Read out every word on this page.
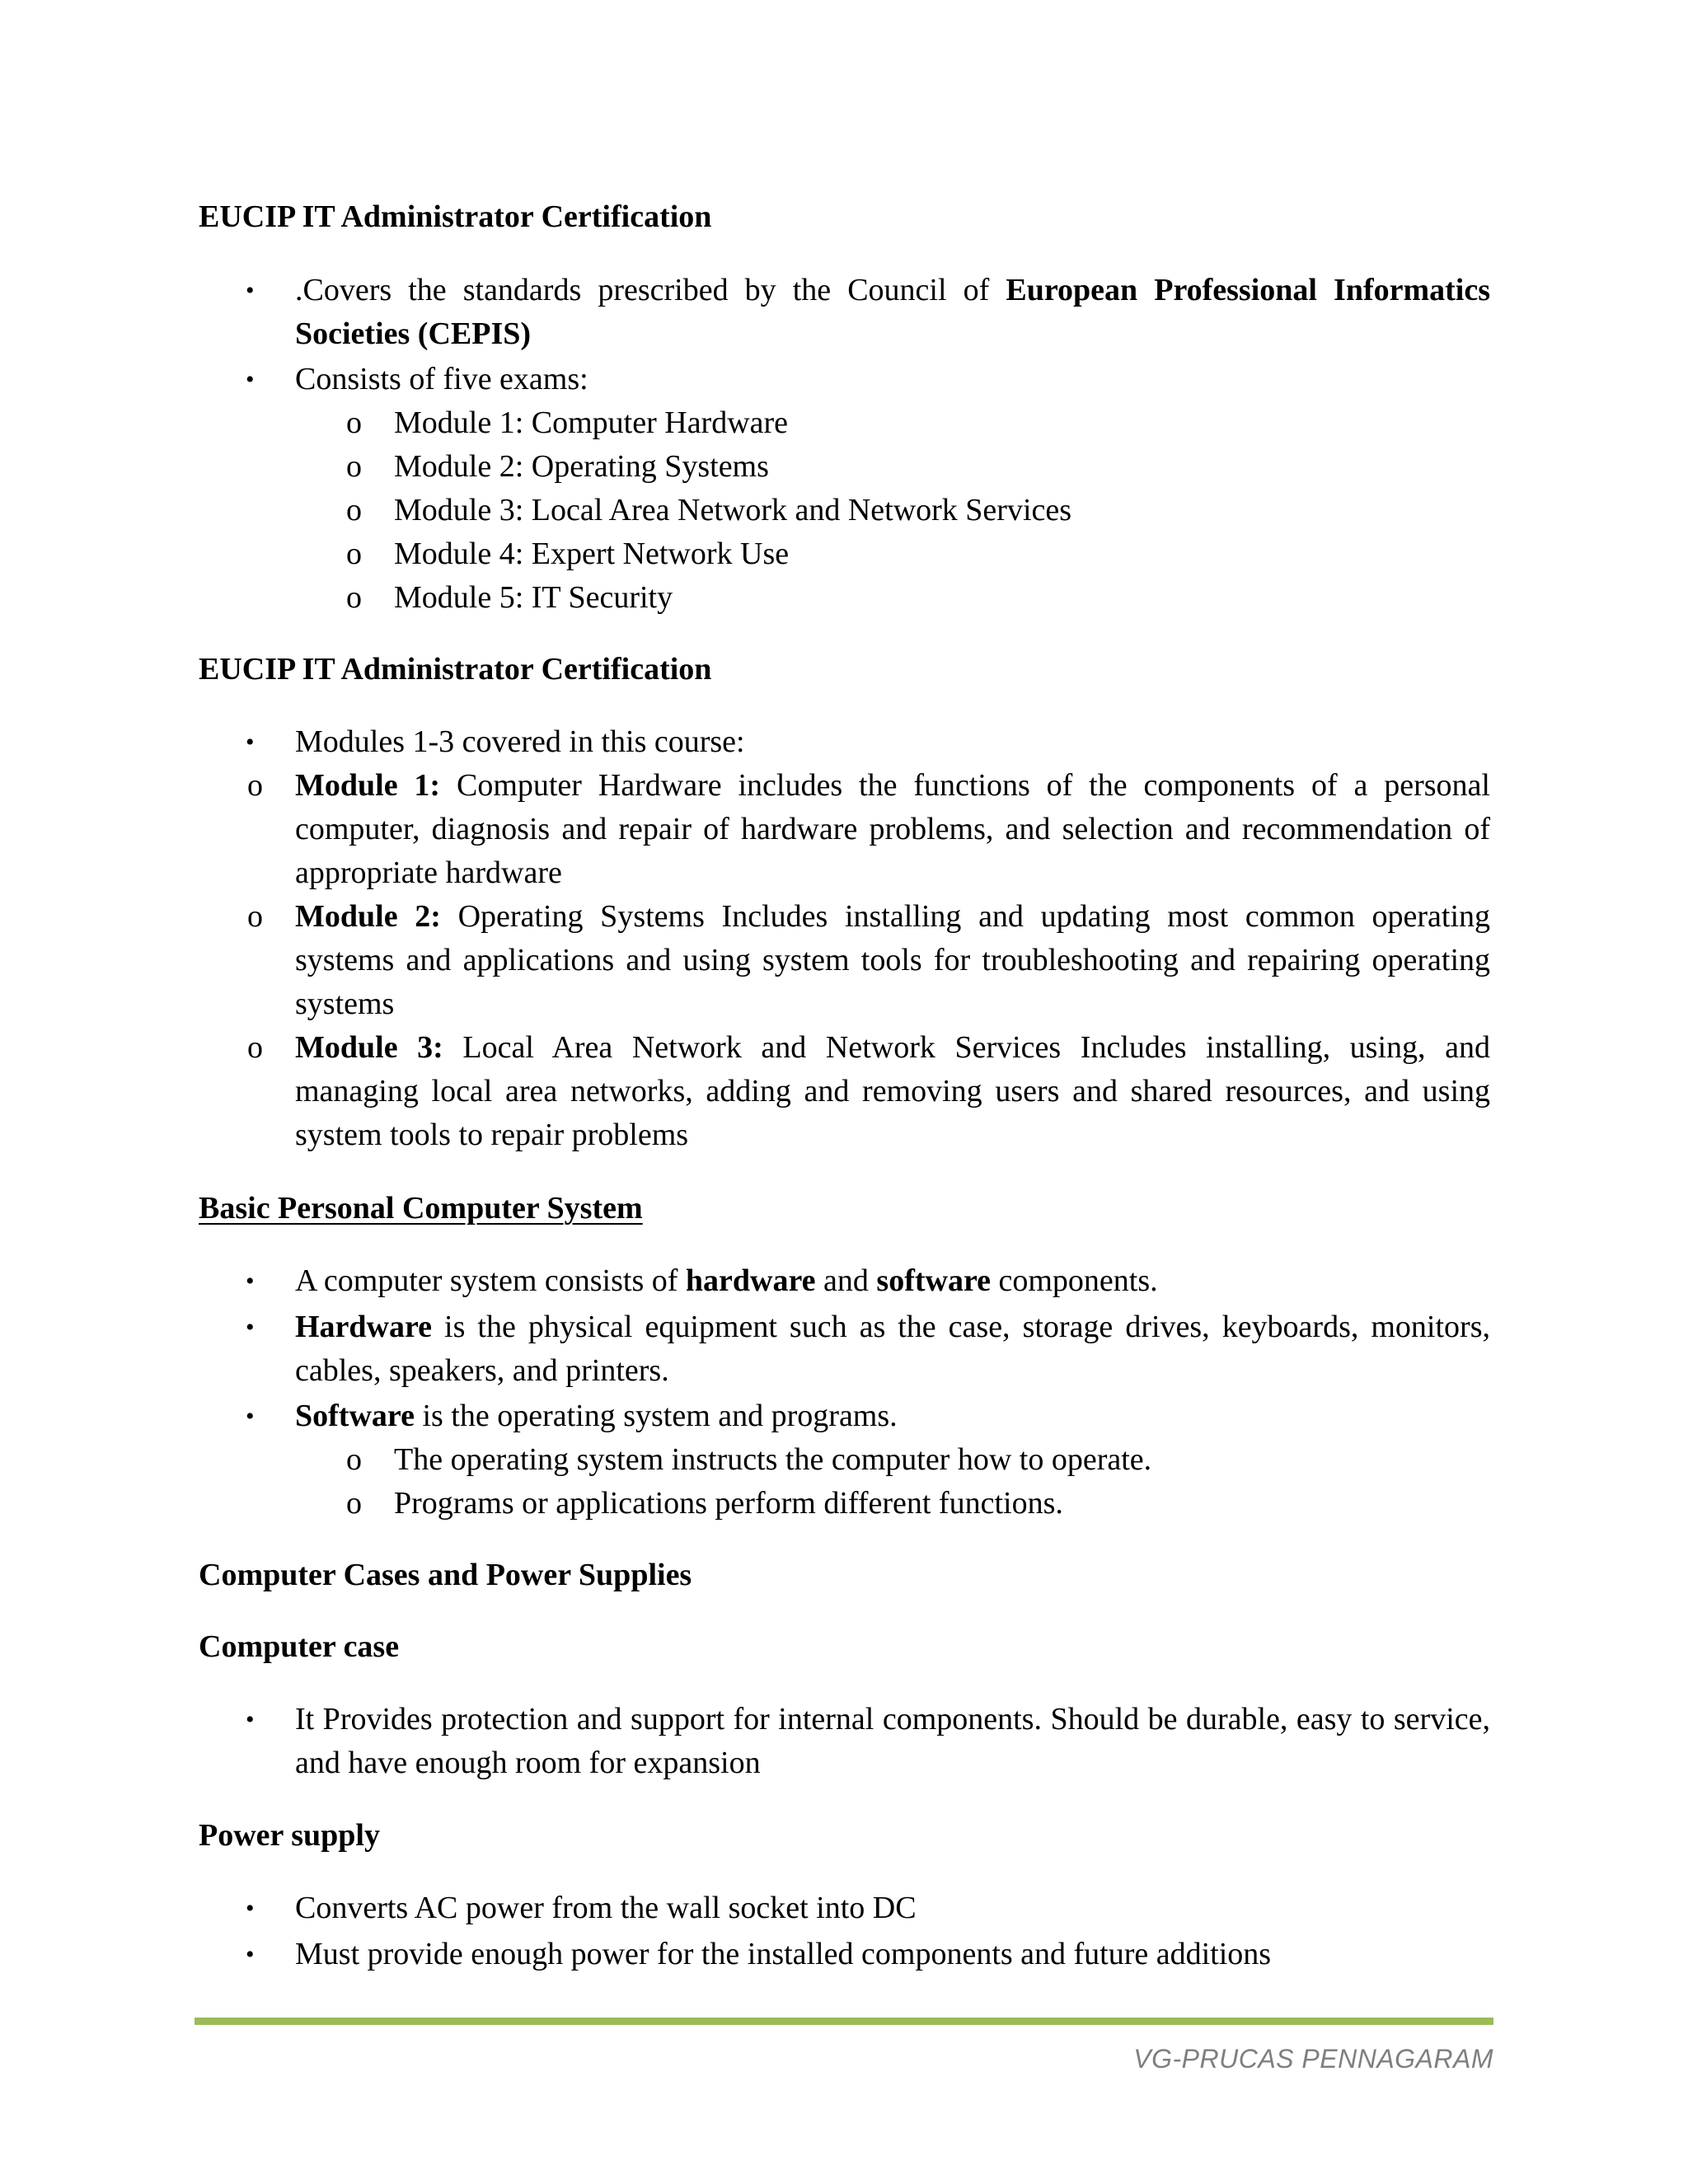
EUCIP IT Administrator Certification
• .Covers the standards prescribed by the Council of European Professional Informatics Societies (CEPIS)
• Consists of five exams:
o Module 1: Computer Hardware
o Module 2: Operating Systems
o Module 3: Local Area Network and Network Services
o Module 4: Expert Network Use
o Module 5: IT Security
EUCIP IT Administrator Certification
• Modules 1-3 covered in this course:
o Module 1: Computer Hardware includes the functions of the components of a personal computer, diagnosis and repair of hardware problems, and selection and recommendation of appropriate hardware
o Module 2: Operating Systems Includes installing and updating most common operating systems and applications and using system tools for troubleshooting and repairing operating systems
o Module 3: Local Area Network and Network Services Includes installing, using, and managing local area networks, adding and removing users and shared resources, and using system tools to repair problems
Basic Personal Computer System
• A computer system consists of hardware and software components.
• Hardware is the physical equipment such as the case, storage drives, keyboards, monitors, cables, speakers, and printers.
• Software is the operating system and programs.
o The operating system instructs the computer how to operate.
o Programs or applications perform different functions.
Computer Cases and Power Supplies
Computer case
• It Provides protection and support for internal components. Should be durable, easy to service, and have enough room for expansion
Power supply
• Converts AC power from the wall socket into DC
• Must provide enough power for the installed components and future additions
VG-PRUCAS PENNAGARAM
